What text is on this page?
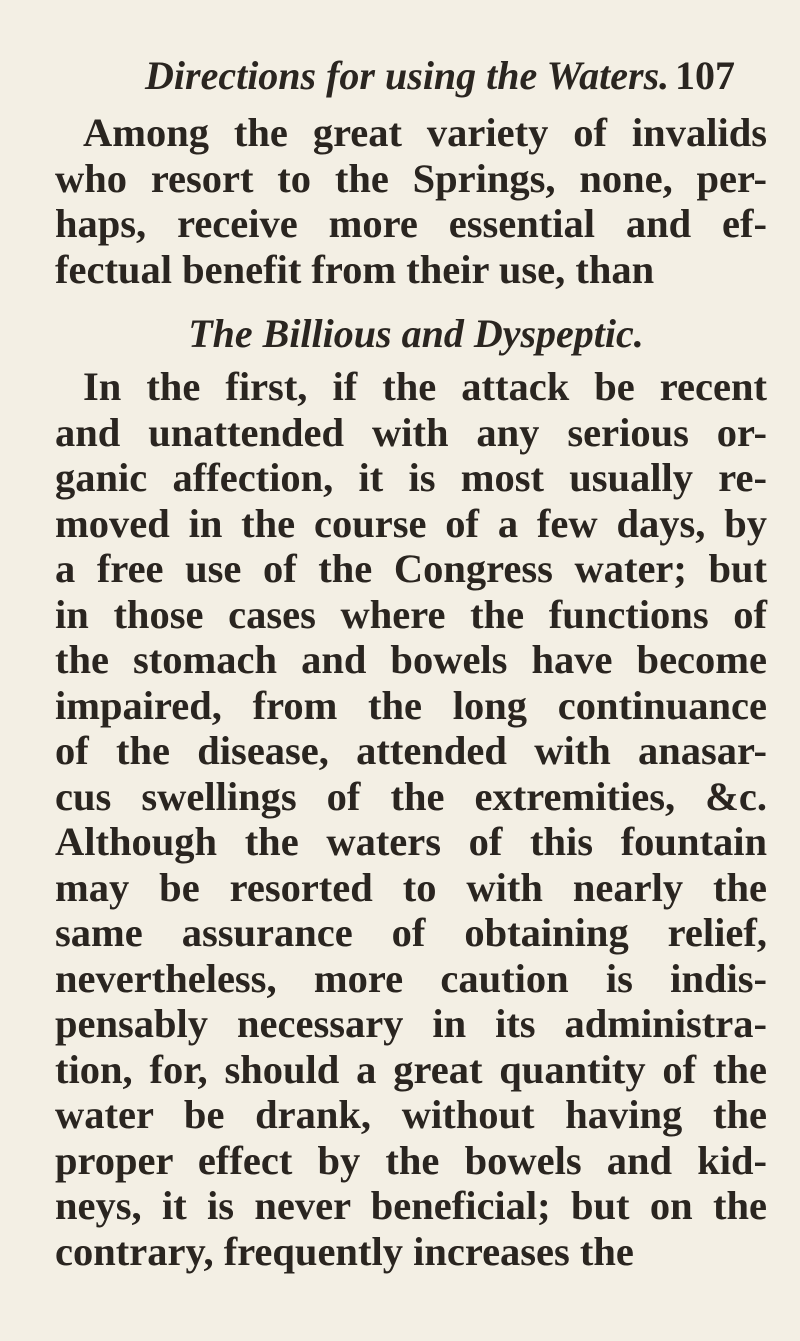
Directions for using the Waters. 107
Among the great variety of invalids
who resort to the Springs, none, per-
haps, receive more essential and ef-
fectual benefit from their use, than
The Billious and Dyspeptic.
In the first, if the attack be recent
and unattended with any serious or-
ganic affection, it is most usually re-
moved in the course of a few days, by
a free use of the Congress water; but
in those cases where the functions of
the stomach and bowels have become
impaired, from the long continuance
of the disease, attended with anasar-
cus swellings of the extremities, &c.
Although the waters of this fountain
may be resorted to with nearly the
same assurance of obtaining relief,
nevertheless, more caution is indis-
pensably necessary in its administra-
tion, for, should a great quantity of the
water be drank, without having the
proper effect by the bowels and kid-
neys, it is never beneficial; but on the
contrary, frequently increases the
